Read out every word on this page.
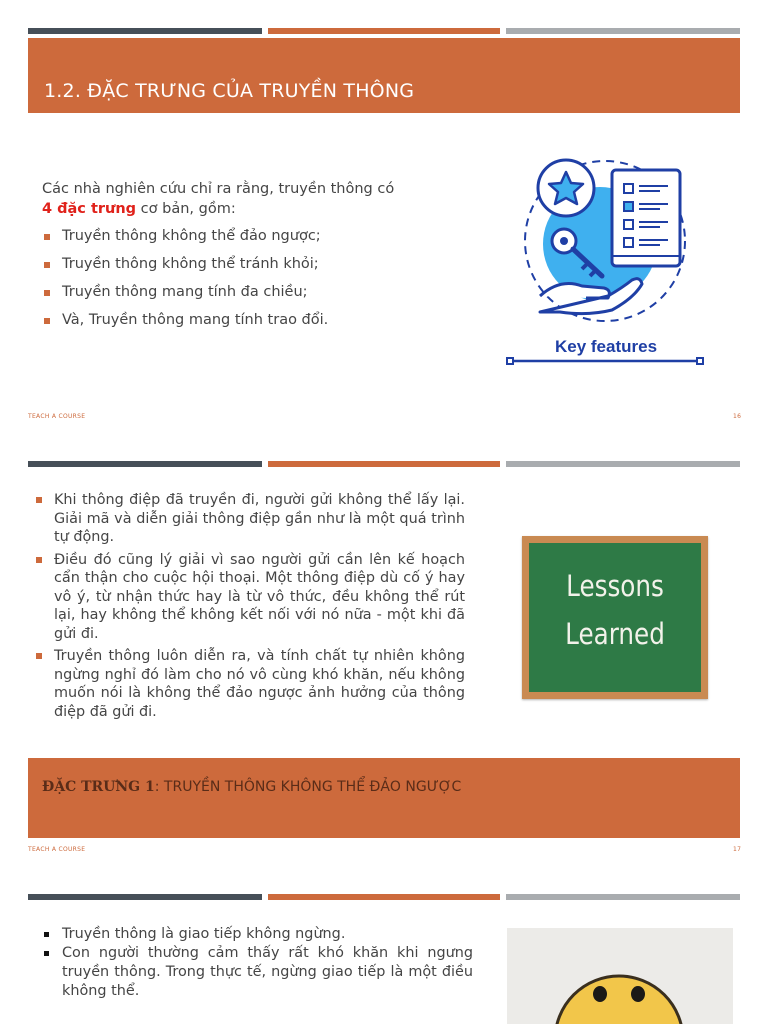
1.2. ĐẶC TRƯNG CỦA TRUYỀN THÔNG
Các nhà nghiên cứu chỉ ra rằng, truyền thông có
4 đặc trưng cơ bản, gồm:
Truyền thông không thể đảo ngược;
Truyền thông không thể tránh khỏi;
Truyền thông mang tính đa chiều;
Và, Truyền thông mang tính trao đổi.
Key features
TEACH A COURSE	16
Khi thông điệp đã truyền đi, người gửi không thể lấy lại. Giải mã và diễn giải thông điệp gần như là một quá trình tự động.
Điều đó cũng lý giải vì sao người gửi cần lên kế hoạch cẩn thận cho cuộc hội thoại. Một thông điệp dù cố ý hay vô ý, từ nhận thức hay là từ vô thức, đều không thể rút lại, hay không thể không kết nối với nó nữa - một khi đã gửi đi.
Truyền thông luôn diễn ra, và tính chất tự nhiên không ngừng nghỉ đó làm cho nó vô cùng khó khăn, nếu không muốn nói là không thể đảo ngược ảnh hưởng của thông điệp đã gửi đi.
Lessons
Learned
ĐẶC TRƯNG 1: TRUYỀN THÔNG KHÔNG THỂ ĐẢO NGƯỢC
TEACH A COURSE	17
Truyền thông là giao tiếp không ngừng.
Con người thường cảm thấy rất khó khăn khi ngưng truyền thông. Trong thực tế, ngừng giao tiếp là một điều không thể.
